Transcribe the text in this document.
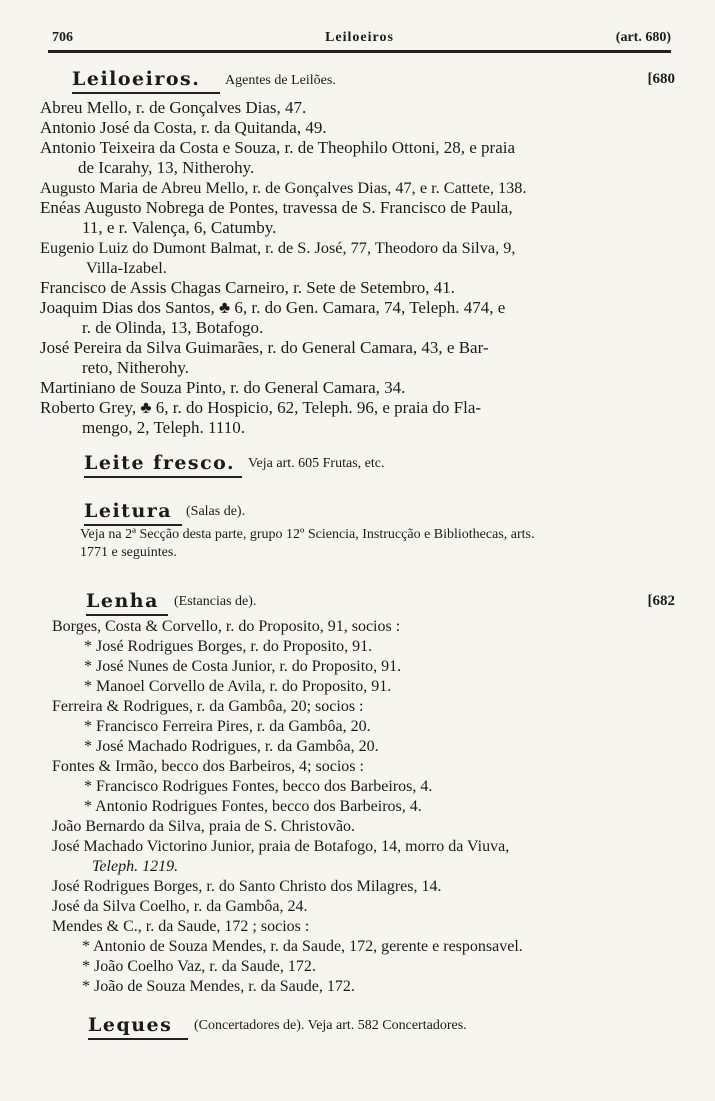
706	Leiloeiros	(art. 680)
Leiloeiros. Agentes de Leilões.	[680
Abreu Mello, r. de Gonçalves Dias, 47.
Antonio José da Costa, r. da Quitanda, 49.
Antonio Teixeira da Costa e Souza, r. de Theophilo Ottoni, 28, e praia
de Icarahy, 13, Nitherohy.
Augusto Maria de Abreu Mello, r. de Gonçalves Dias, 47, e r. Cattete, 138.
Enéas Augusto Nobrega de Pontes, travessa de S. Francisco de Paula,
11, e r. Valença, 6, Catumby.
Eugenio Luiz do Dumont Balmat, r. de S. José, 77, Theodoro da Silva, 9,
Villa-Izabel.
Francisco de Assis Chagas Carneiro, r. Sete de Setembro, 41.
Joaquim Dias dos Santos, ♣ 6, r. do Gen. Camara, 74, Teleph. 474, e
r. de Olinda, 13, Botafogo.
José Pereira da Silva Guimarães, r. do General Camara, 43, e Bar-
reto, Nitherohy.
Martiniano de Souza Pinto, r. do General Camara, 34.
Roberto Grey, ♣ 6, r. do Hospicio, 62, Teleph. 96, e praia do Fla-
mengo, 2, Teleph. 1110.
Leite fresco. Veja art. 605 Frutas, etc.
Leitura (Salas de).
Veja na 2ª Secção desta parte, grupo 12º Sciencia, Instrucção e Bibliothecas, arts.
1771 e seguintes.
Lenha (Estancias de).	[682
Borges, Costa & Corvello, r. do Proposito, 91, socios :
* José Rodrigues Borges, r. do Proposito, 91.
* José Nunes de Costa Junior, r. do Proposito, 91.
* Manoel Corvello de Avila, r. do Proposito, 91.
Ferreira & Rodrigues, r. da Gambôa, 20; socios :
* Francisco Ferreira Pires, r. da Gambôa, 20.
* José Machado Rodrigues, r. da Gambôa, 20.
Fontes & Irmão, becco dos Barbeiros, 4; socios :
* Francisco Rodrigues Fontes, becco dos Barbeiros, 4.
* Antonio Rodrigues Fontes, becco dos Barbeiros, 4.
João Bernardo da Silva, praia de S. Christovão.
José Machado Victorino Junior, praia de Botafogo, 14, morro da Viuva,
Teleph. 1219.
José Rodrigues Borges, r. do Santo Christo dos Milagres, 14.
José da Silva Coelho, r. da Gambôa, 24.
Mendes & C., r. da Saude, 172 ; socios :
* Antonio de Souza Mendes, r. da Saude, 172, gerente e responsavel.
* João Coelho Vaz, r. da Saude, 172.
* João de Souza Mendes, r. da Saude, 172.
Leques (Concertadores de). Veja art. 582 Concertadores.
